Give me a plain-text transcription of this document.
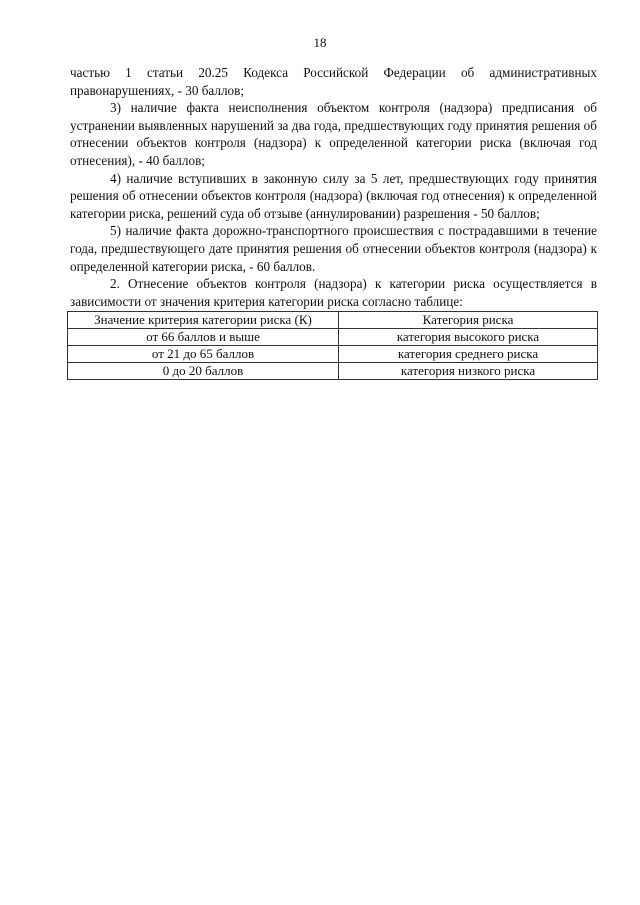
18

частью 1 статьи 20.25 Кодекса Российской Федерации об административных правонарушениях, - 30 баллов;

3) наличие факта неисполнения объектом контроля (надзора) предписания об устранении выявленных нарушений за два года, предшествующих году принятия решения об отнесении объектов контроля (надзора) к определенной категории риска (включая год отнесения), - 40 баллов;

4) наличие вступивших в законную силу за 5 лет, предшествующих году принятия решения об отнесении объектов контроля (надзора) (включая год отнесения) к определенной категории риска, решений суда об отзыве (аннулировании) разрешения - 50 баллов;

5) наличие факта дорожно-транспортного происшествия с пострадавшими в течение года, предшествующего дате принятия решения об отнесении объектов контроля (надзора) к определенной категории риска, - 60 баллов.

2. Отнесение объектов контроля (надзора) к категории риска осуществляется в зависимости от значения критерия категории риска согласно таблице:

Значение критерия категории риска (К)	Категория риска
от 66 баллов и выше	категория высокого риска
от 21 до 65 баллов	категория среднего риска
0 до 20 баллов	категория низкого риска
